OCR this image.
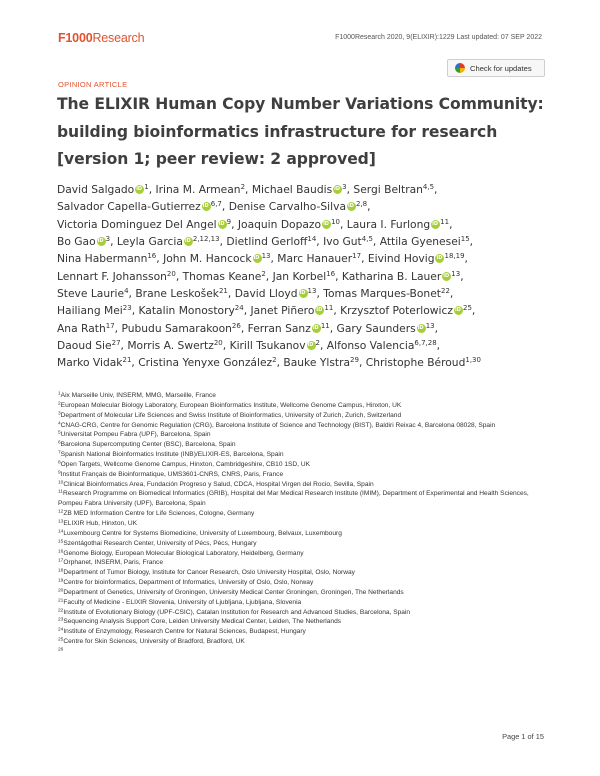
F1000Research	F1000Research 2020, 9(ELIXIR):1229 Last updated: 07 SEP 2022
Check for updates
OPINION ARTICLE
The ELIXIR Human Copy Number Variations Community: building bioinformatics infrastructure for research [version 1; peer review: 2 approved]
David Salgado iD $^1$, Irina M. Armean$^2$, Michael Baudis iD $^3$, Sergi Beltran$^{4,5}$,
Salvador Capella-Gutierrez iD $^{6,7}$, Denise Carvalho-Silva iD $^{2,8}$,
Victoria Dominguez Del Angel iD $^9$, Joaquin Dopazo iD $^{10}$, Laura I. Furlong iD $^{11}$,
Bo Gao iD $^3$, Leyla Garcia iD $^{2,12,13}$, Dietlind Gerloff$^{14}$, Ivo Gut$^{4,5}$, Attila Gyenesei$^{15}$,
Nina Habermann$^{16}$, John M. Hancock iD $^{13}$, Marc Hanauer$^{17}$, Eivind Hovig iD $^{18,19}$,
Lennart F. Johansson$^{20}$, Thomas Keane$^2$, Jan Korbel$^{16}$, Katharina B. Lauer iD $^{13}$,
Steve Laurie$^4$, Brane Leskošek$^{21}$, David Lloyd iD $^{13}$, Tomas Marques-Bonet$^{22}$,
Hailiang Mei$^{23}$, Katalin Monostory$^{24}$, Janet Piñero iD $^{11}$, Krzysztof Poterlowicz iD $^{25}$,
Ana Rath$^{17}$, Pubudu Samarakoon$^{26}$, Ferran Sanz iD $^{11}$, Gary Saunders iD $^{13}$,
Daoud Sie$^{27}$, Morris A. Swertz$^{20}$, Kirill Tsukanov iD $^2$, Alfonso Valencia$^{6,7,28}$,
Marko Vidak$^{21}$, Cristina Yenyxe González$^2$, Bauke Ylstra$^{29}$, Christophe Béroud$^{1,30}$
$^1$Aix Marseille Univ, INSERM, MMG, Marseille, France
$^2$European Molecular Biology Laboratory, European Bioinformatics Institute, Wellcome Genome Campus, Hinxton, UK
$^3$Department of Molecular Life Sciences and Swiss Institute of Bioinformatics, University of Zurich, Zurich, Switzerland
$^4$CNAG-CRG, Centre for Genomic Regulation (CRG), Barcelona Institute of Science and Technology (BIST), Baldiri Reixac 4, Barcelona 08028, Spain
$^5$Universitat Pompeu Fabra (UPF), Barcelona, Spain
$^6$Barcelona Supercomputing Center (BSC), Barcelona, Spain
$^7$Spanish National Bioinformatics Institute (INB)/ELIXIR-ES, Barcelona, Spain
$^8$Open Targets, Wellcome Genome Campus, Hinxton, Cambridgeshire, CB10 1SD, UK
$^9$Institut Français de Bioinformatique, UMS3601-CNRS, CNRS, Paris, France
$^{10}$Clinical Bioinformatics Area, Fundación Progreso y Salud, CDCA, Hospital Virgen del Rocio, Sevilla, Spain
$^{11}$Research Programme on Biomedical Informatics (GRIB), Hospital del Mar Medical Research Institute (IMIM), Department of Experimental and Health Sciences, Pompeu Fabra University (UPF), Barcelona, Spain
$^{12}$ZB MED Information Centre for Life Sciences, Cologne, Germany
$^{13}$ELIXIR Hub, Hinxton, UK
$^{14}$Luxembourg Centre for Systems Biomedicine, University of Luxembourg, Belvaux, Luxembourg
$^{15}$Szentágothai Research Center, University of Pécs, Pécs, Hungary
$^{16}$Genome Biology, European Molecular Biological Laboratory, Heidelberg, Germany
$^{17}$Orphanet, INSERM, Paris, France
$^{18}$Department of Tumor Biology, Institute for Cancer Research, Oslo University Hospital, Oslo, Norway
$^{19}$Centre for bioinformatics, Department of Informatics, University of Oslo, Oslo, Norway
$^{20}$Department of Genetics, University of Groningen, University Medical Center Groningen, Groningen, The Netherlands
$^{21}$Faculty of Medicine - ELIXIR Slovenia, University of Ljubljana, Ljubljana, Slovenia
$^{22}$Institute of Evolutionary Biology (UPF-CSIC), Catalan Institution for Research and Advanced Studies, Barcelona, Spain
$^{23}$Sequencing Analysis Support Core, Leiden University Medical Center, Leiden, The Netherlands
$^{24}$Institute of Enzymology, Research Centre for Natural Sciences, Budapest, Hungary
$^{25}$Centre for Skin Sciences, University of Bradford, Bradford, UK
$^{26}$
Page 1 of 15
